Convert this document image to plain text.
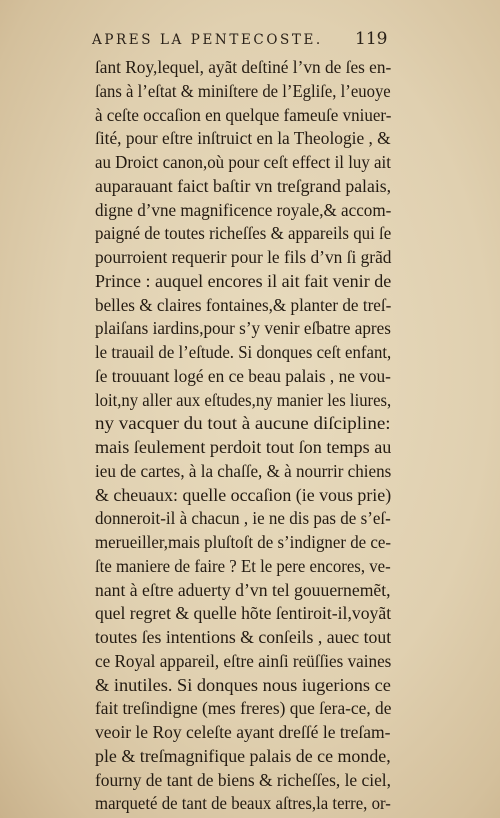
APRES LA PENTECOSTE. 119
ſant Roy,lequel, ayãt deſtiné l’vn de ſes en-
ſans à l’eſtat & miniſtere de l’Egliſe, l’euoye
à ceſte occaſion en quelque fameuſe vniuer-
ſité, pour eſtre inſtruict en la Theologie , &
au Droict canon,où pour ceſt effect il luy ait
auparauant faict baſtir vn treſgrand palais,
digne d’vne magnificence royale,& accom-
paigné de toutes richeſſes & appareils qui ſe
pourroient requerir pour le fils d’vn ſi grãd
Prince : auquel encores il ait fait venir de
belles & claires fontaines,& planter de treſ-
plaiſans iardins,pour s’y venir eſbatre apres
le trauail de l’eſtude. Si donques ceſt enfant,
ſe trouuant logé en ce beau palais , ne vou-
loit,ny aller aux eſtudes,ny manier les liures,
ny vacquer du tout à aucune diſcipline:
mais ſeulement perdoit tout ſon temps au
ieu de cartes, à la chaſſe, & à nourrir chiens
& cheuaux: quelle occaſion (ie vous prie)
donneroit-il à chacun , ie ne dis pas de s’eſ-
merueiller,mais pluſtoſt de s’indigner de ce-
ſte maniere de faire ? Et le pere encores, ve-
nant à eſtre aduerty d’vn tel gouuernemẽt,
quel regret & quelle hõte ſentiroit-il,voyãt
toutes ſes intentions & conſeils , auec tout
ce Royal appareil, eſtre ainſi reüſſies vaines
& inutiles. Si donques nous iugerions ce
fait treſindigne (mes freres) que ſera-ce, de
veoir le Roy celeſte ayant dreſſé le treſam-
ple & treſmagnifique palais de ce monde,
fourny de tant de biens & richeſſes, le ciel,
marqueté de tant de beaux aſtres,la terre, or-
